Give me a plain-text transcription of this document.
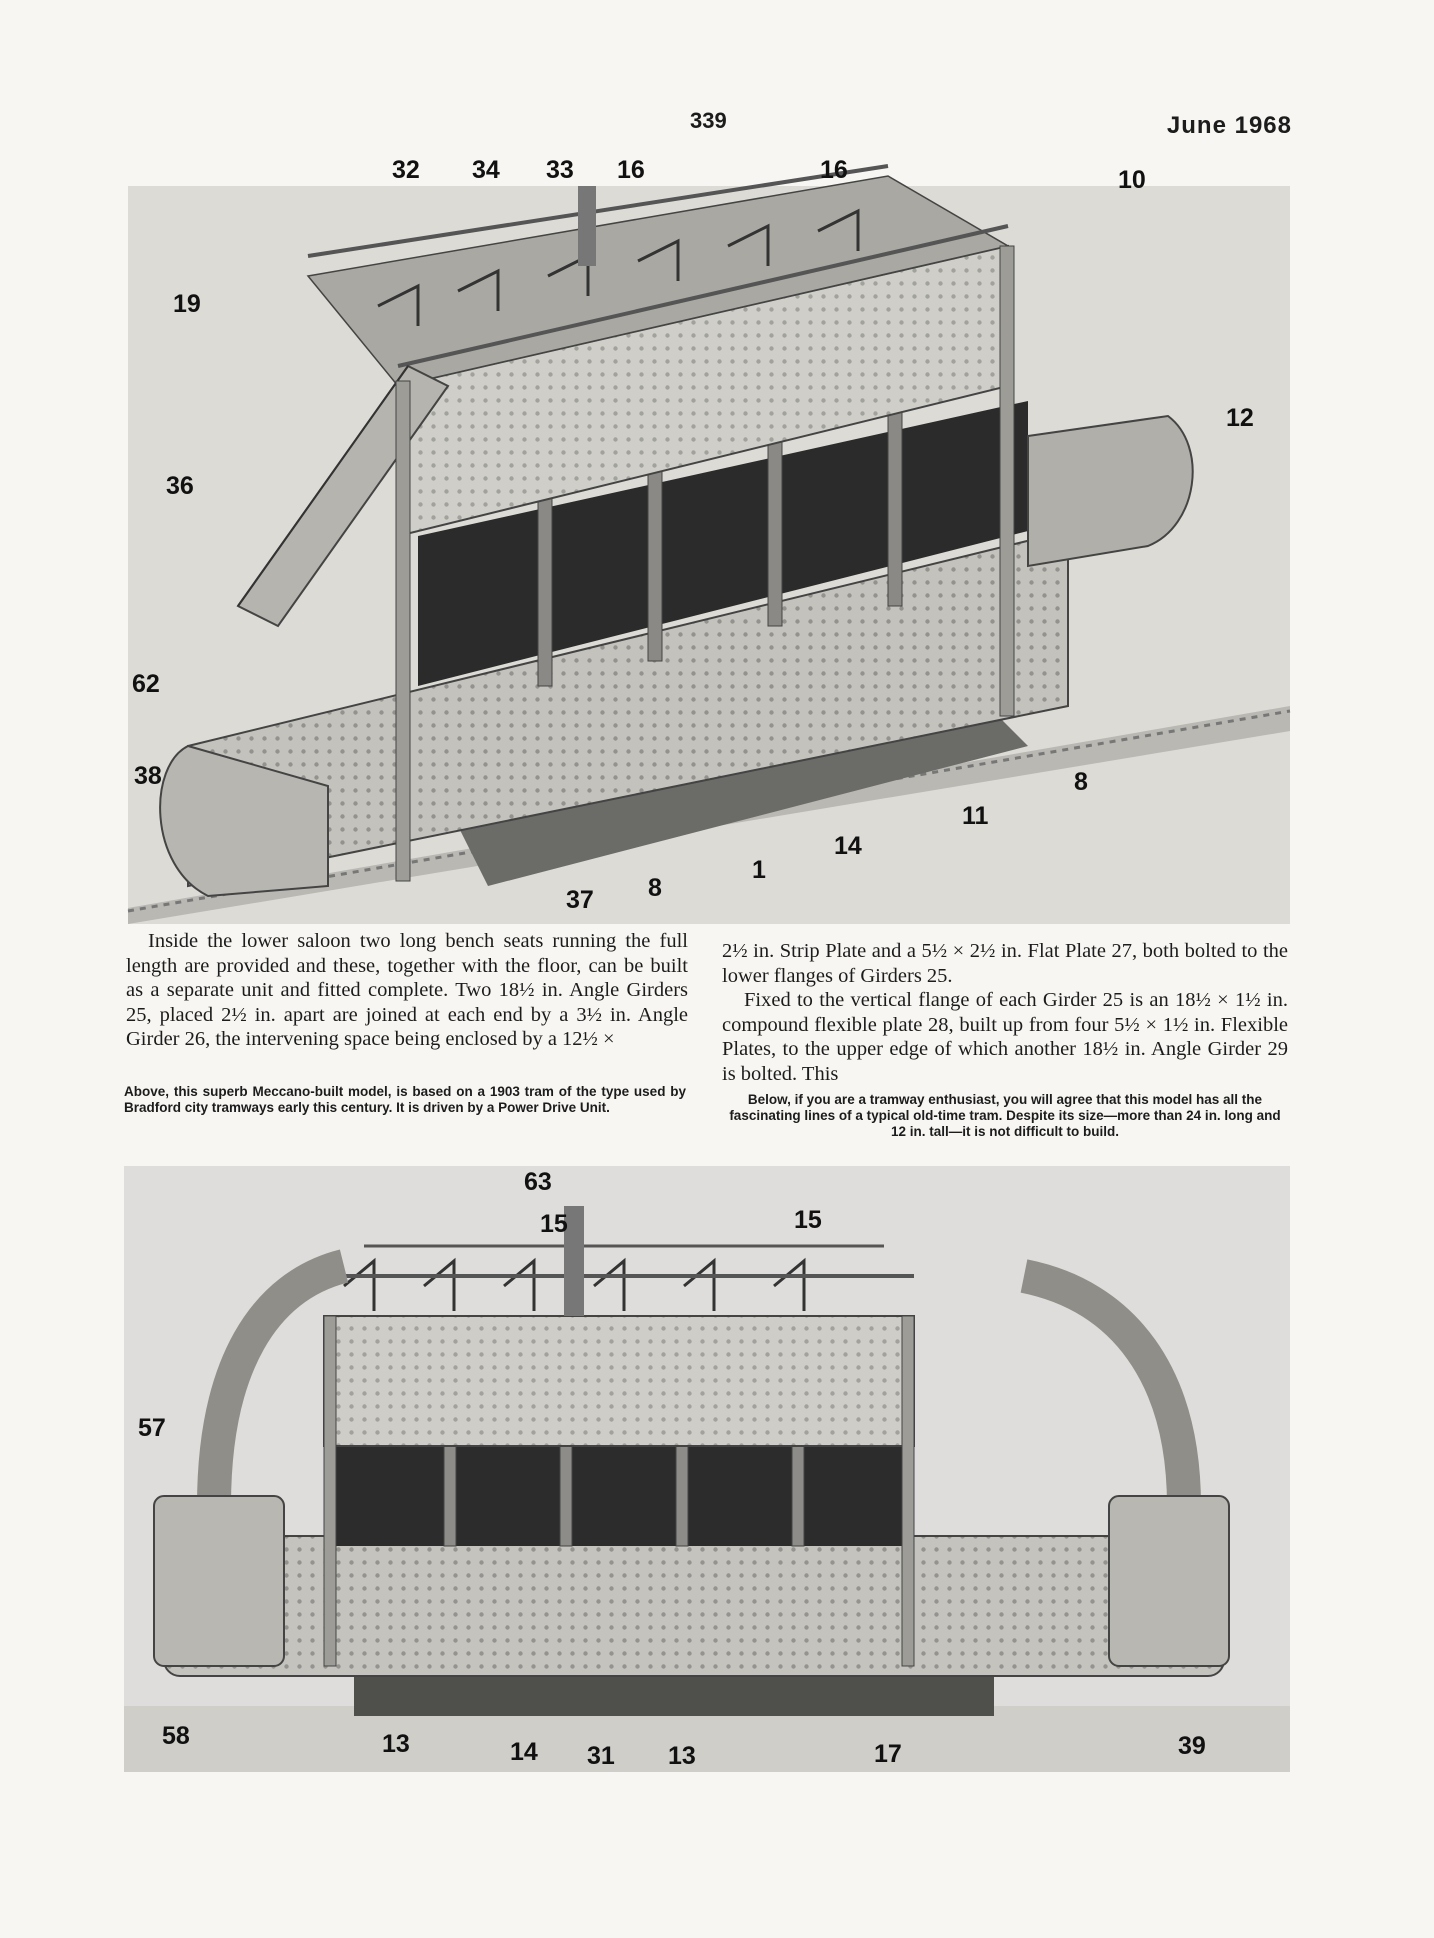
339	June 1968
32 34 33 16	16	10
19
12
36
62
38	8
11
14
1
8
37

Inside the lower saloon two long bench seats running the full length are provided and these, together with the floor, can be built as a separate unit and fitted complete. Two 18½ in. Angle Girders 25, placed 2½ in. apart are joined at each end by a 3½ in. Angle Girder 26, the intervening space being enclosed by a 12½ ×

2½ in. Strip Plate and a 5½ × 2½ in. Flat Plate 27, both bolted to the lower flanges of Girders 25.

Fixed to the vertical flange of each Girder 25 is an 18½ × 1½ in. compound flexible plate 28, built up from four 5½ × 1½ in. Flexible Plates, to the upper edge of which another 18½ in. Angle Girder 29 is bolted. This

Above, this superb Meccano-built model, is based on a 1903 tram of the type used by Bradford city tramways early this century. It is driven by a Power Drive Unit.
Below, if you are a tramway enthusiast, you will agree that this model has all the fascinating lines of a typical old-time tram. Despite its size—more than 24 in. long and 12 in. tall—it is not difficult to build.
63
15	15
57
58	13	14 31 13	17	39
